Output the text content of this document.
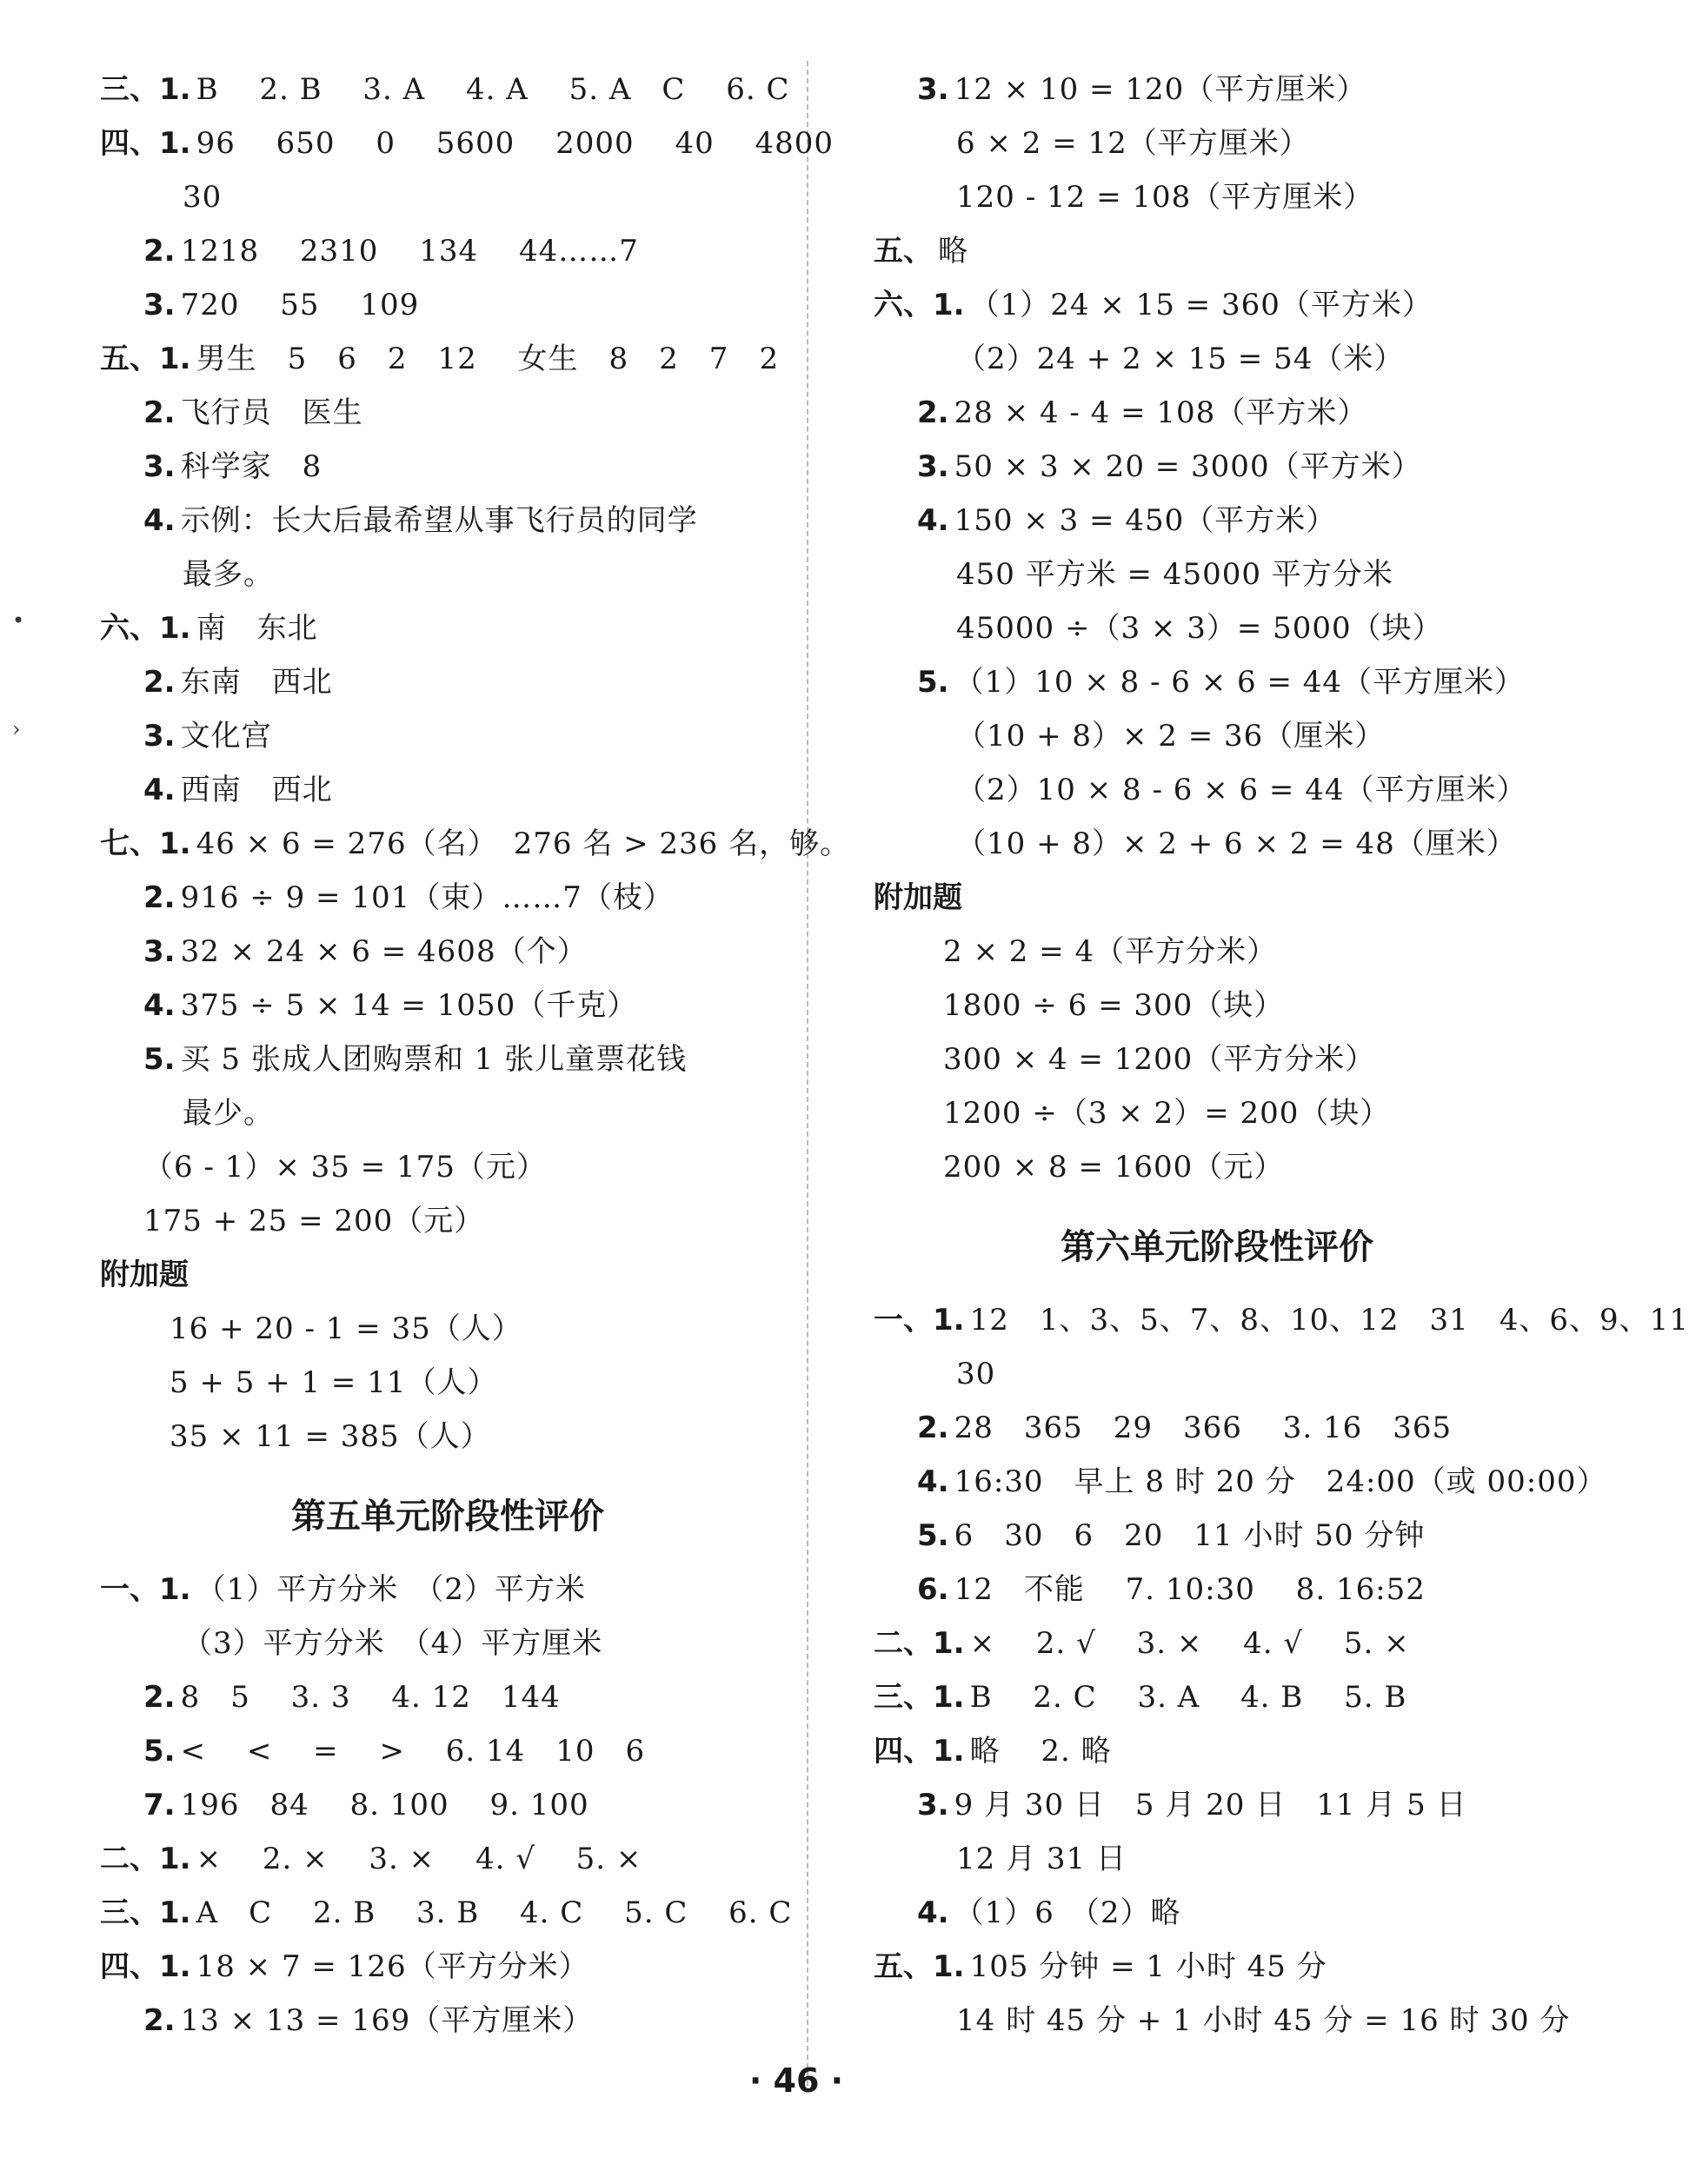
•
›
三、1. B　 2. B　 3. A　 4. A　 5. A　C　 6. C
四、1. 96　 650　 0　 5600　 2000　 40　 4800
30
2. 1218　 2310　 134　 44……7
3. 720　 55　 109
五、1. 男生　5　6　2　12　 女生　8　2　7　2
2. 飞行员　医生
3. 科学家　8
4. 示例：长大后最希望从事飞行员的同学
最多。
六、1. 南　东北
2. 东南　西北
3. 文化宫
4. 西南　西北
七、1. 46 × 6 = 276（名）　276 名 > 236 名，够。
2. 916 ÷ 9 = 101（束）……7（枝）
3. 32 × 24 × 6 = 4608（个）
4. 375 ÷ 5 × 14 = 1050（千克）
5. 买 5 张成人团购票和 1 张儿童票花钱
最少。
（6 - 1）× 35 = 175（元）
175 + 25 = 200（元）
附加题
16 + 20 - 1 = 35（人）
5 + 5 + 1 = 11（人）
35 × 11 = 385（人）
第五单元阶段性评价
一、1. （1）平方分米　（2）平方米
（3）平方分米　（4）平方厘米
2. 8　5　 3. 3　 4. 12　144
5. <　 <　 =　 >　 6. 14　10　6
7. 196　84　 8. 100　 9. 100
二、1. ×　 2. ×　 3. ×　 4. √　 5. ×
三、1. A　C　 2. B　 3. B　 4. C　 5. C　 6. C
四、1. 18 × 7 = 126（平方分米）
2. 13 × 13 = 169（平方厘米）
3. 12 × 10 = 120（平方厘米）
6 × 2 = 12（平方厘米）
120 - 12 = 108（平方厘米）
五、 略
六、1. （1）24 × 15 = 360（平方米）
（2）24 + 2 × 15 = 54（米）
2. 28 × 4 - 4 = 108（平方米）
3. 50 × 3 × 20 = 3000（平方米）
4. 150 × 3 = 450（平方米）
450 平方米 = 45000 平方分米
45000 ÷（3 × 3）= 5000（块）
5. （1）10 × 8 - 6 × 6 = 44（平方厘米）
（10 + 8）× 2 = 36（厘米）
（2）10 × 8 - 6 × 6 = 44（平方厘米）
（10 + 8）× 2 + 6 × 2 = 48（厘米）
附加题
2 × 2 = 4（平方分米）
1800 ÷ 6 = 300（块）
300 × 4 = 1200（平方分米）
1200 ÷（3 × 2）= 200（块）
200 × 8 = 1600（元）
第六单元阶段性评价
一、1. 12　1、3、5、7、8、10、12　31　4、6、9、11
30
2. 28　365　29　366　 3. 16　365
4. 16:30　早上 8 时 20 分　24:00（或 00:00）
5. 6　30　6　20　11 小时 50 分钟
6. 12　不能　 7. 10:30　 8. 16:52
二、1. ×　 2. √　 3. ×　 4. √　 5. ×
三、1. B　 2. C　 3. A　 4. B　 5. B
四、1. 略　 2. 略
3. 9 月 30 日　5 月 20 日　11 月 5 日
12 月 31 日
4. （1）6　（2）略
五、1. 105 分钟 = 1 小时 45 分
14 时 45 分 + 1 小时 45 分 = 16 时 30 分
· 46 ·
